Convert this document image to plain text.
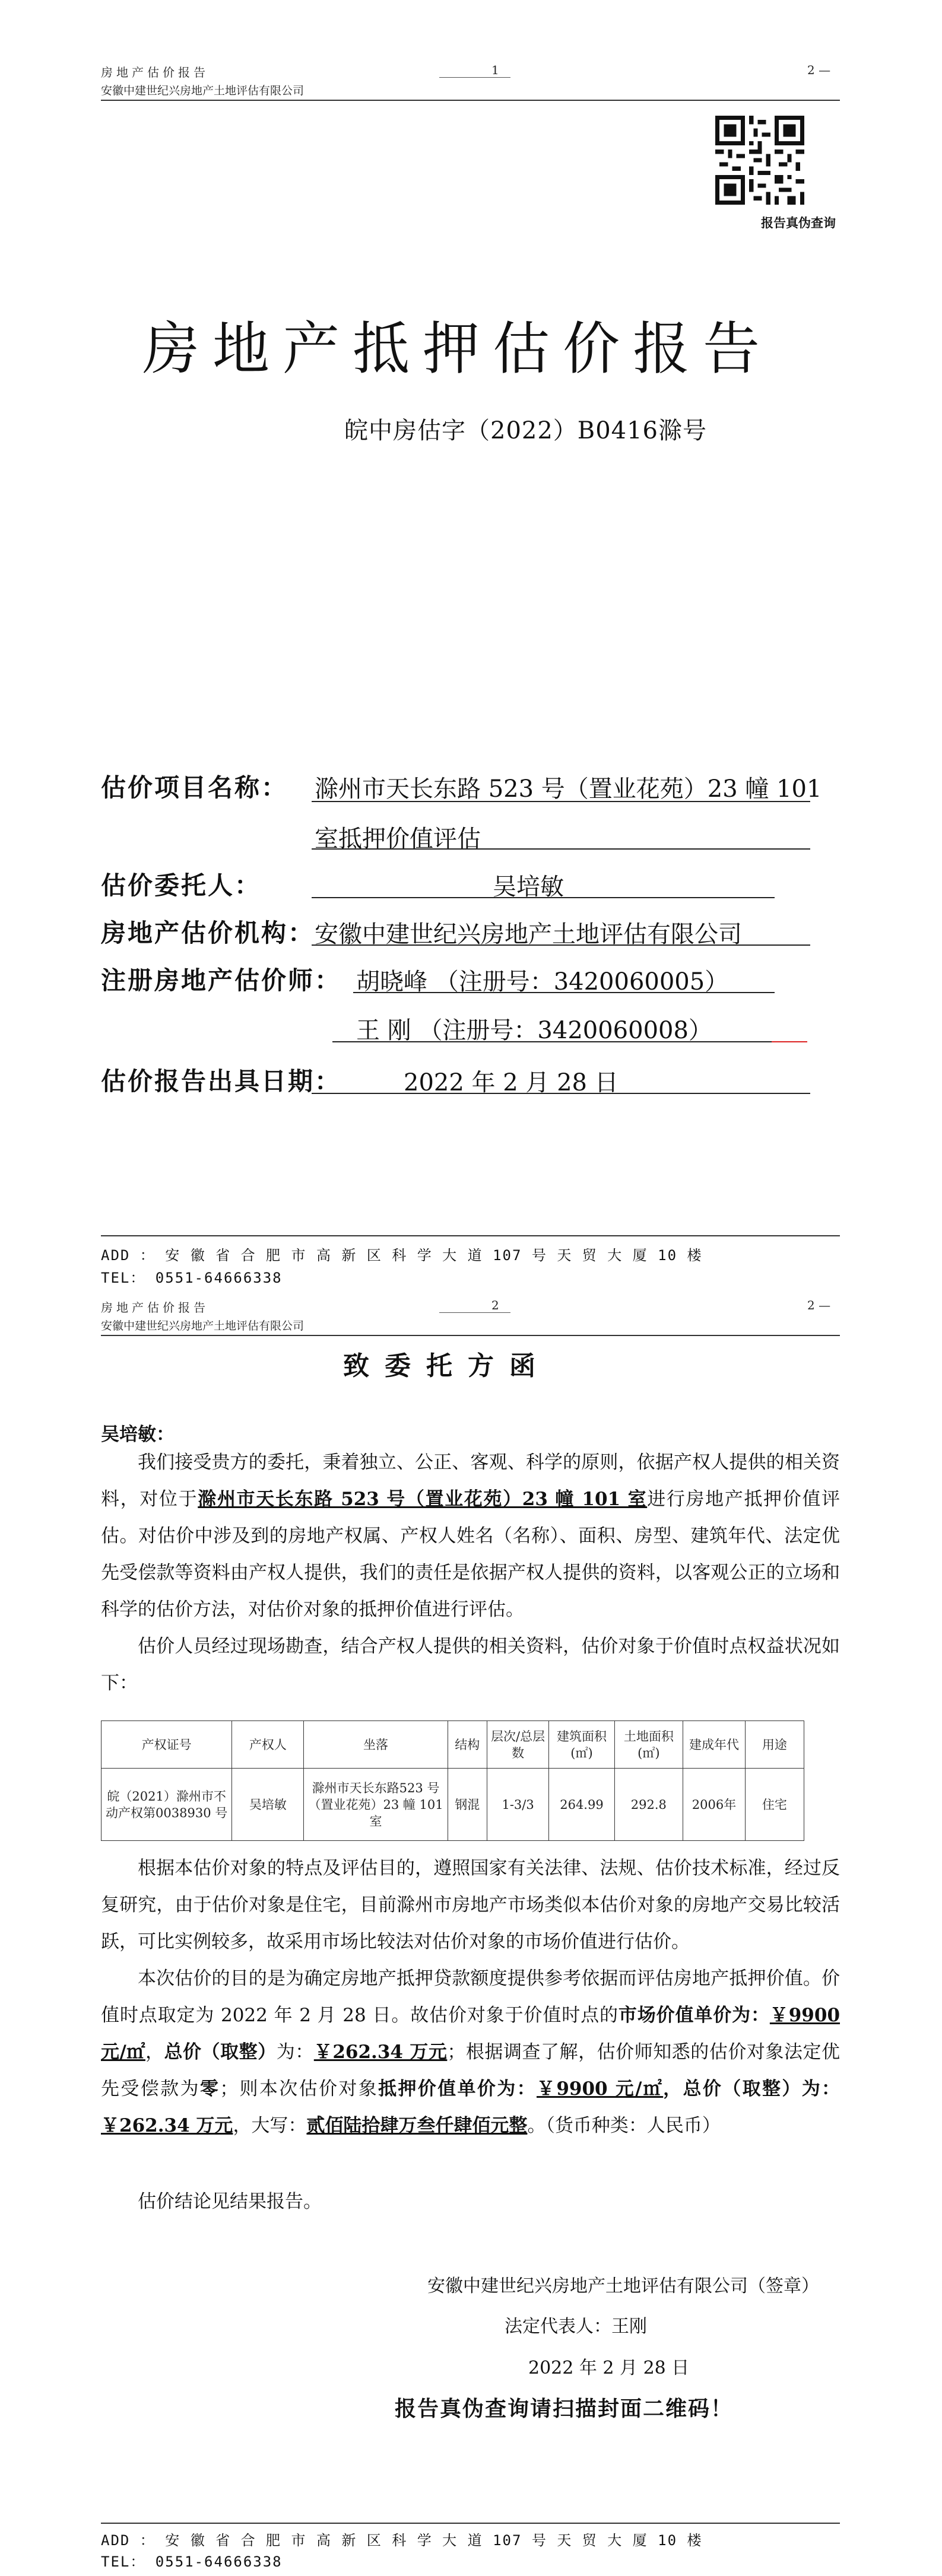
房地产估价报告
安徽中建世纪兴房地产土地评估有限公司
1	2 —
报告真伪查询
房地产抵押估价报告
皖中房估字（2022）B0416滁号
估价项目名称： 滁州市天长东路 523 号（置业花苑）23 幢 101
室抵押价值评估
估价委托人：	吴培敏
房地产估价机构： 安徽中建世纪兴房地产土地评估有限公司
注册房地产估价师： 胡晓峰 （注册号：3420060005）
王 刚 （注册号：3420060008）
估价报告出具日期：	2022 年 2 月 28 日
ADD ： 安 徽 省 合 肥 市 高 新 区 科 学 大 道 107 号 天 贸 大 厦 10 楼
TEL： 0551-64666338
房地产估价报告
安徽中建世纪兴房地产土地评估有限公司
2	2 —
致委托方函
吴培敏：
我们接受贵方的委托，秉着独立、公正、客观、科学的原则，依据产权人提供的相关资料，对位于滁州市天长东路 523 号（置业花苑）23 幢 101 室进行房地产抵押价值评估。对估价中涉及到的房地产权属、产权人姓名（名称）、面积、房型、建筑年代、法定优先受偿款等资料由产权人提供，我们的责任是依据产权人提供的资料，以客观公正的立场和科学的估价方法，对估价对象的抵押价值进行评估。
估价人员经过现场勘查，结合产权人提供的相关资料，估价对象于价值时点权益状况如下：
产权证号	产权人	坐落	结构	层次/总层数	建筑面积(㎡)	土地面积(㎡)	建成年代	用途
皖（2021）滁州市不动产权第0038930 号	吴培敏	滁州市天长东路523 号（置业花苑）23 幢 101 室	钢混	1-3/3	264.99	292.8	2006年	住宅
根据本估价对象的特点及评估目的，遵照国家有关法律、法规、估价技术标准，经过反复研究，由于估价对象是住宅，目前滁州市房地产市场类似本估价对象的房地产交易比较活跃，可比实例较多，故采用市场比较法对估价对象的市场价值进行估价。
本次估价的目的是为确定房地产抵押贷款额度提供参考依据而评估房地产抵押价值。价值时点取定为 2022 年 2 月 28 日。故估价对象于价值时点的市场价值单价为：￥9900 元/㎡，总价（取整）为：￥262.34 万元；根据调查了解，估价师知悉的估价对象法定优先受偿款为零；则本次估价对象抵押价值单价为：￥9900 元/㎡，总价（取整）为：￥262.34 万元，大写：贰佰陆拾肆万叁仟肆佰元整。（货币种类：人民币）
估价结论见结果报告。
安徽中建世纪兴房地产土地评估有限公司（签章）
法定代表人：王刚
2022 年 2 月 28 日
报告真伪查询请扫描封面二维码！
ADD ： 安 徽 省 合 肥 市 高 新 区 科 学 大 道 107 号 天 贸 大 厦 10 楼
TEL： 0551-64666338
